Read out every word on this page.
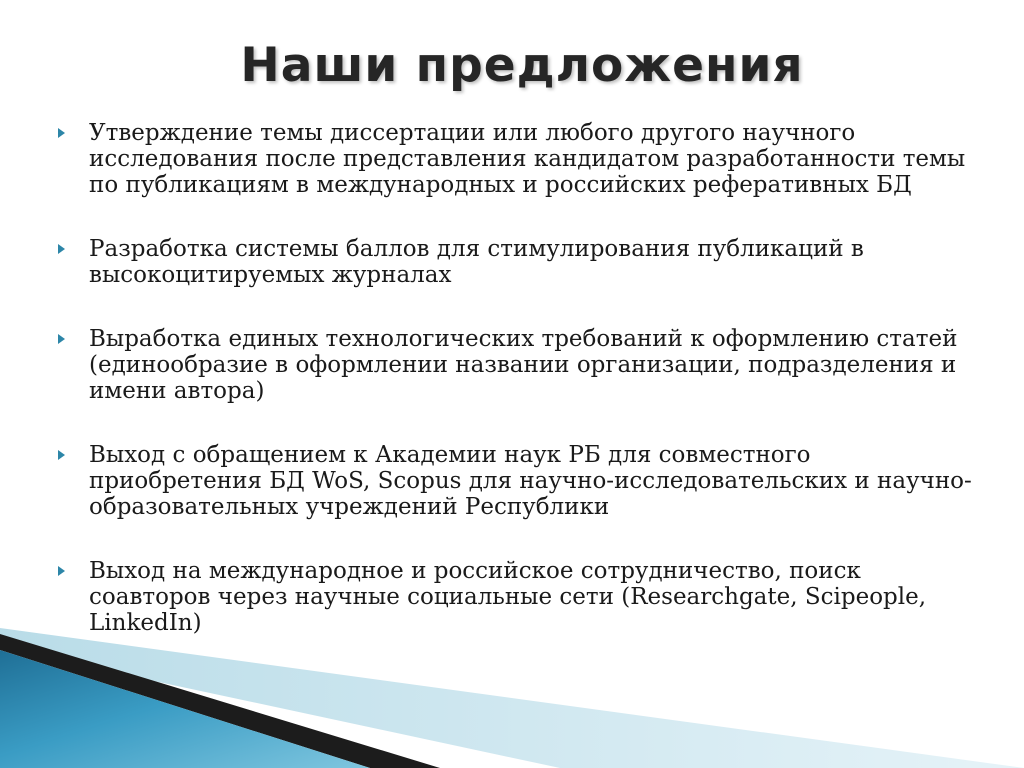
Наши предложения
Утверждение темы диссертации или любого другого научного исследования после представления кандидатом разработанности темы по публикациям в международных и российских реферативных БД
Разработка системы баллов для стимулирования публикаций в высокоцитируемых журналах
Выработка единых технологических требований к оформлению статей (единообразие в оформлении названии организации, подразделения и имени автора)
Выход с обращением к Академии наук РБ для совместного приобретения БД WoS, Scopus для научно-исследовательских и научно-образовательных учреждений Республики
Выход на международное и российское сотрудничество, поиск соавторов через научные социальные сети (Researchgate, Scipeople, LinkedIn)
